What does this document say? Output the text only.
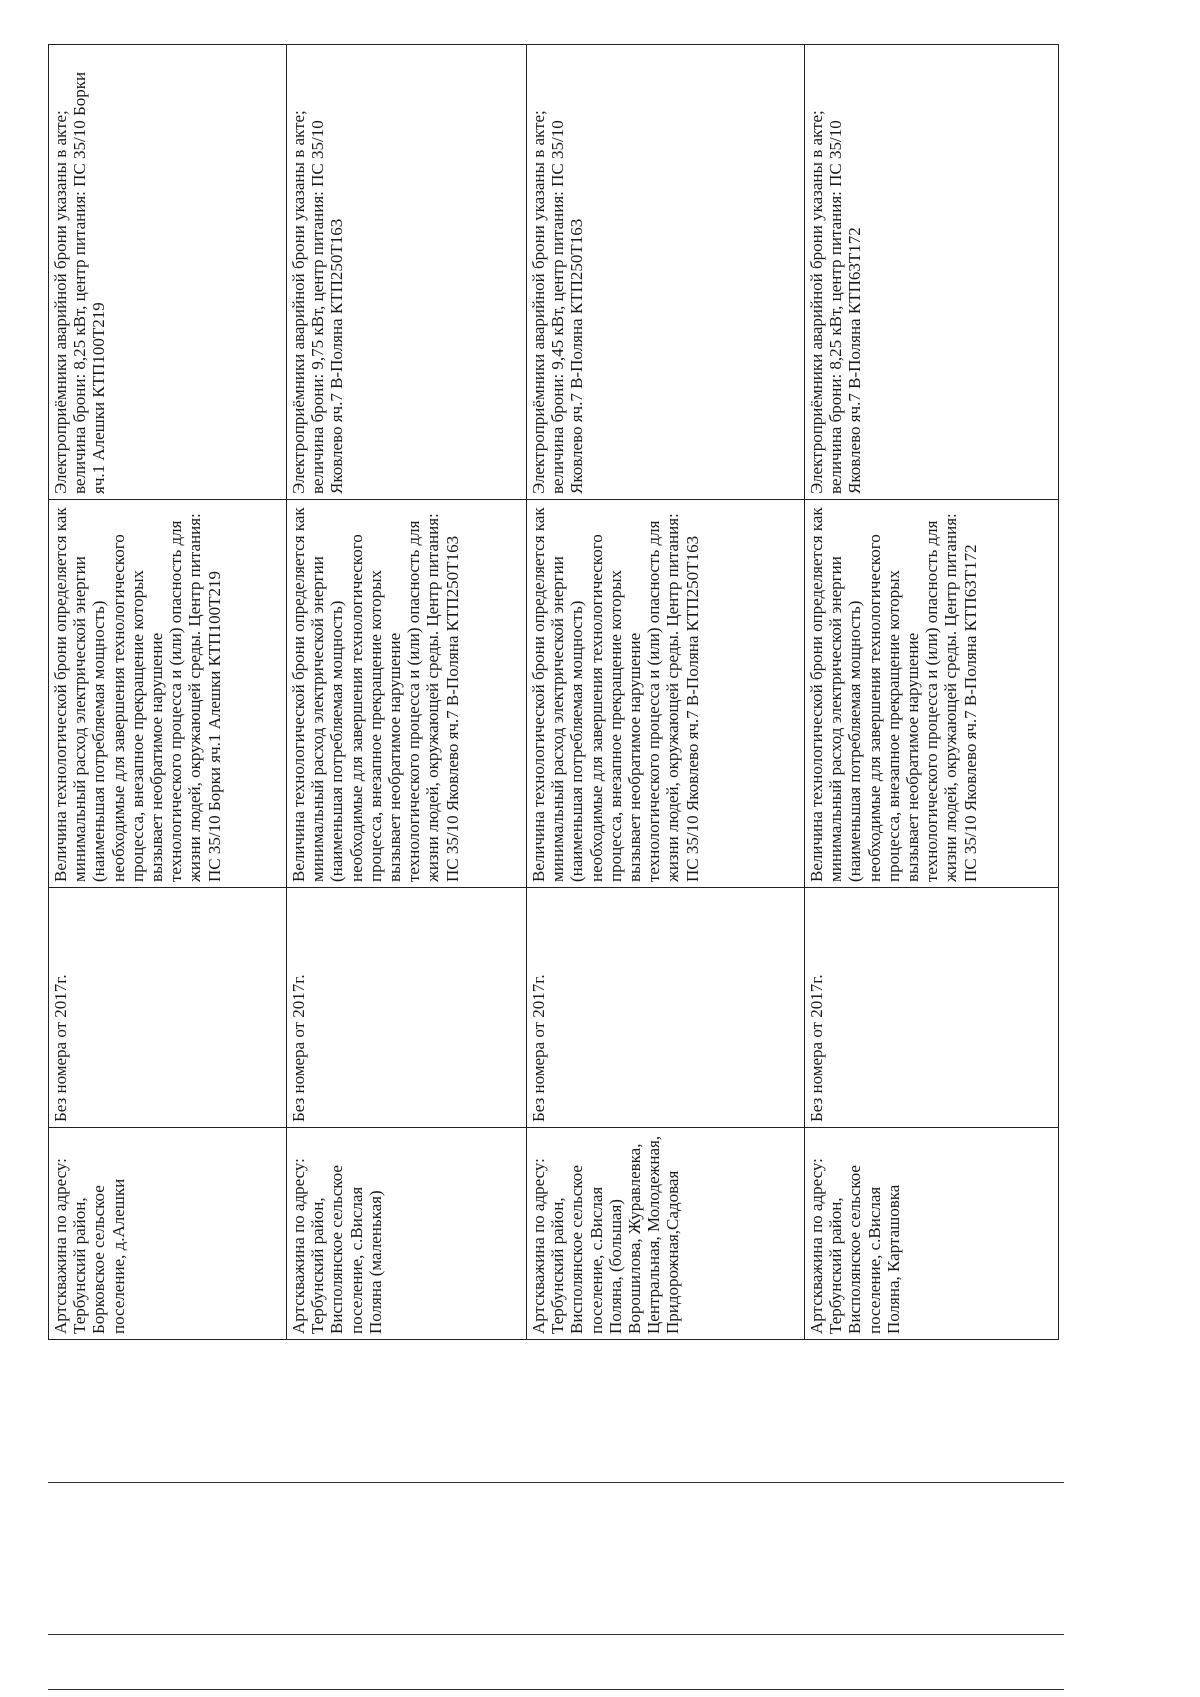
Артскважина по адресу: Тербунский район, Борковское сельское поселение, д.Алешки	Без номера от 2017г.	Величина технологической брони определяется как минимальный расход электрической энергии (наименьшая потребляемая мощность) необходимые для завершения технологического процесса, внезапное прекращение которых вызывает необратимое нарушение технологического процесса и (или) опасность для жизни людей, окружающей среды. Центр питания: ПС 35/10 Борки яч.1 Алешки КТП100Т219	Электроприёмники аварийной брони указаны в акте; величина брони: 8,25 кВт, центр питания: ПС 35/10 Борки яч.1 Алешки КТП100Т219
Артскважина по адресу: Тербунский район, Висполянское сельское поселение, с.Вислая Поляна (маленькая)	Без номера от 2017г.	Величина технологической брони определяется как минимальный расход электрической энергии (наименьшая потребляемая мощность) необходимые для завершения технологического процесса, внезапное прекращение которых вызывает необратимое нарушение технологического процесса и (или) опасность для жизни людей, окружающей среды. Центр питания: ПС 35/10 Яковлево яч.7 В-Поляна КТП250Т163	Электроприёмники аварийной брони указаны в акте; величина брони: 9,75 кВт, центр питания: ПС 35/10 Яковлево яч.7 В-Поляна КТП250Т163
Артскважина по адресу: Тербунский район, Висполянское сельское поселение, с.Вислая Поляна, (большая) Ворошилова, Журавлевка, Центральная, Молодежная, Придорожная,Садовая	Без номера от 2017г.	Величина технологической брони определяется как минимальный расход электрической энергии (наименьшая потребляемая мощность) необходимые для завершения технологического процесса, внезапное прекращение которых вызывает необратимое нарушение технологического процесса и (или) опасность для жизни людей, окружающей среды. Центр питания: ПС 35/10 Яковлево яч.7 В-Поляна КТП250Т163	Электроприёмники аварийной брони указаны в акте; величина брони: 9,45 кВт, центр питания: ПС 35/10 Яковлево яч.7 В-Поляна КТП250Т163
Артскважина по адресу: Тербунский район, Висполянское сельское поселение, с.Вислая Поляна, Карташовка	Без номера от 2017г.	Величина технологической брони определяется как минимальный расход электрической энергии (наименьшая потребляемая мощность) необходимые для завершения технологического процесса, внезапное прекращение которых вызывает необратимое нарушение технологического процесса и (или) опасность для жизни людей, окружающей среды. Центр питания: ПС 35/10 Яковлево яч.7 В-Поляна КТП63Т172	Электроприёмники аварийной брони указаны в акте; величина брони: 8,25 кВт, центр питания: ПС 35/10 Яковлево яч.7 В-Поляна КТП63Т172
